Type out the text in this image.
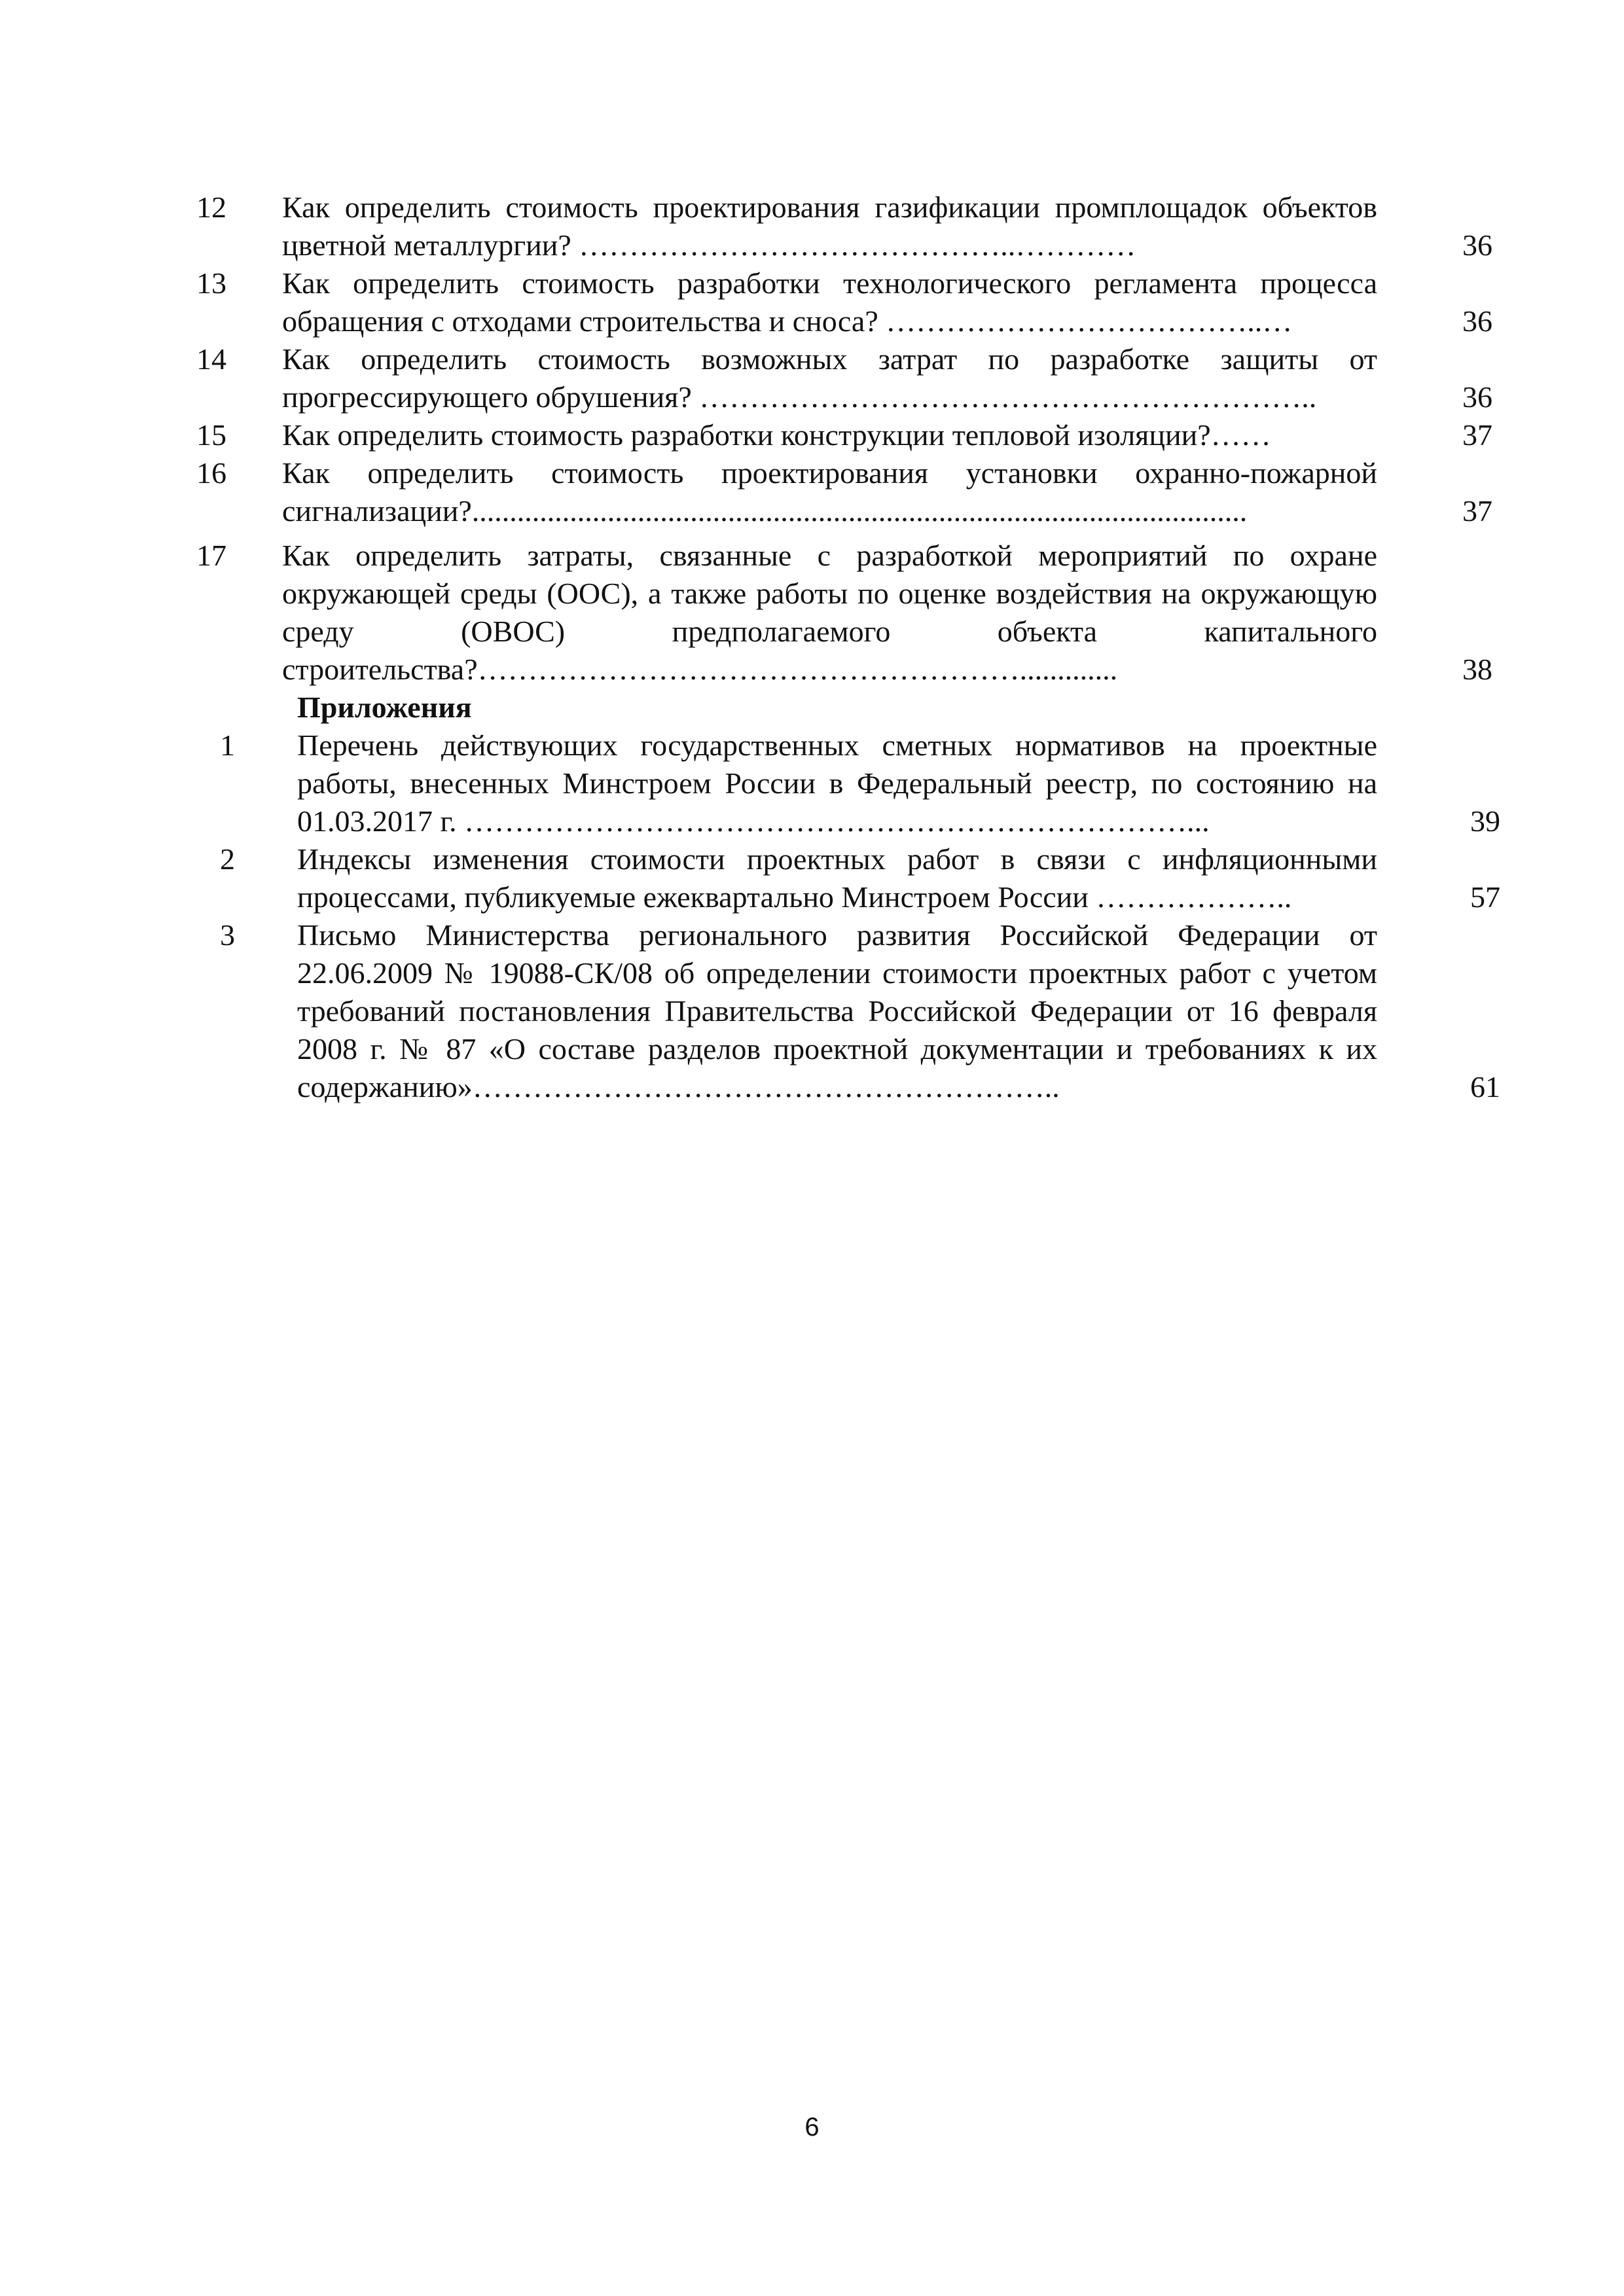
12	Как определить стоимость проектирования газификации промплощадок объектов цветной металлургии? ……………………………………..…………	36
13	Как определить стоимость разработки технологического регламента процесса обращения с отходами строительства и сноса? ………………………………..…	36
14	Как определить стоимость возможных затрат по разработке защиты от прогрессирующего обрушения? ……………………………………………………..	36
15	Как определить стоимость разработки конструкции тепловой изоляции?……	37
16	Как определить стоимость проектирования установки охранно-пожарной сигнализации?.......................................................................................................	37
17	Как определить затраты, связанные с разработкой мероприятий по охране окружающей среды (ООС), а также работы по оценке воздействия на окружающую среду (ОВОС) предполагаемого объекта капитального строительства?……………………………………………….............	38
Приложения
1	Перечень действующих государственных сметных нормативов на проектные работы, внесенных Минстроем России в Федеральный реестр, по состоянию на 01.03.2017 г. ………………………………………………………………...	39
2	Индексы изменения стоимости проектных работ в связи с инфляционными процессами, публикуемые ежеквартально Минстроем России ………………..	57
3	Письмо Министерства регионального развития Российской Федерации от 22.06.2009 № 19088-СК/08 об определении стоимости проектных работ с учетом требований постановления Правительства Российской Федерации от 16 февраля 2008 г. № 87 «О составе разделов проектной документации и требованиях к их содержанию»…………………………………………………..	61
6
